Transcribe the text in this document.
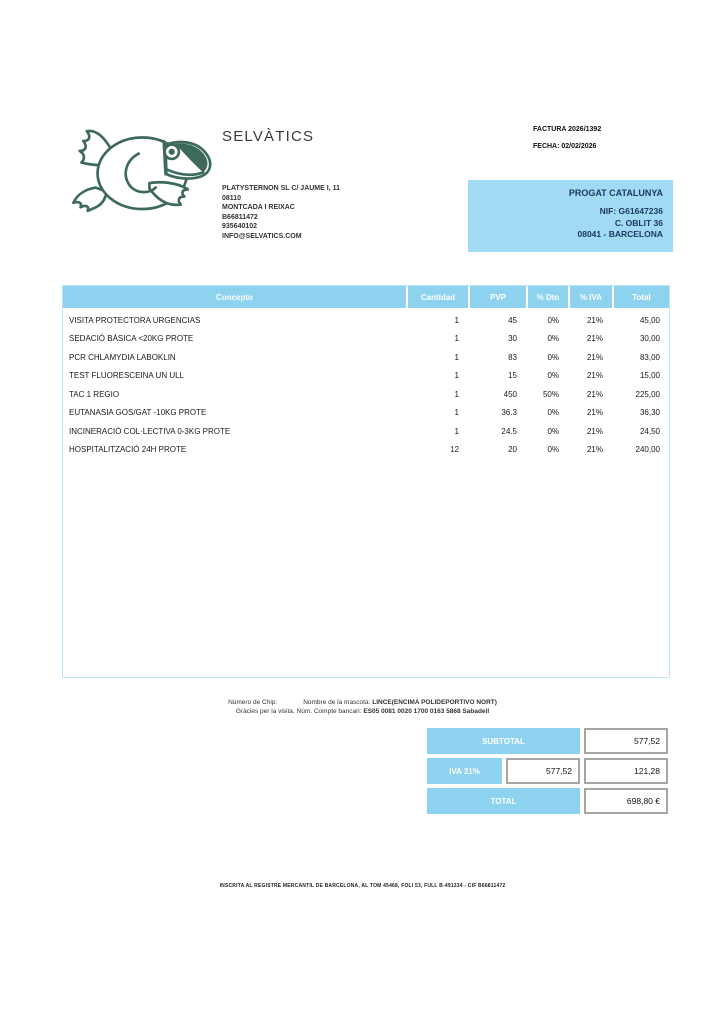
SELVÀTICS
PLATYSTERNON SL C/ JAUME I, 11
08110
MONTCADA I REIXAC
B66811472
935640102
INFO@SELVATICS.COM
FACTURA 2026/1392
FECHA: 02/02/2026
PROGAT CATALUNYA
NIF: G61647236
C. OBLIT 36
08041 - BARCELONA
Concepto	Cantidad	PVP	% Dto	% IVA	Total
VISITA PROTECTORA URGENCIAS	1	45	0%	21%	45,00
SEDACIÓ BÁSICA <20KG PROTE	1	30	0%	21%	30,00
PCR CHLAMYDIA LABOKLIN	1	83	0%	21%	83,00
TEST FLUORESCEINA UN ULL	1	15	0%	21%	15,00
TAC 1 REGIO	1	450	50%	21%	225,00
EUTANASIA GOS/GAT -10KG PROTE	1	36.3	0%	21%	36,30
INCINERACIÓ COL·LECTIVA 0-3KG PROTE	1	24.5	0%	21%	24,50
HOSPITALITZACIÓ 24H PROTE	12	20	0%	21%	240,00
Número de Chip:	Nombre de la mascota: LINCE(ENCIMA POLIDEPORTIVO NORT)
Gràcies per la visita. Núm. Compte bancari: ES05 0081 0020 1700 0163 5868 Sabadell
SUBTOTAL	577,52
IVA 21%	577,52	121,28
TOTAL	698,80 €
INSCRITA AL REGISTRE MERCANTIL DE BARCELONA, AL TOM 45468, FOLI 53, FULL B-491334 - CIF B66811472
